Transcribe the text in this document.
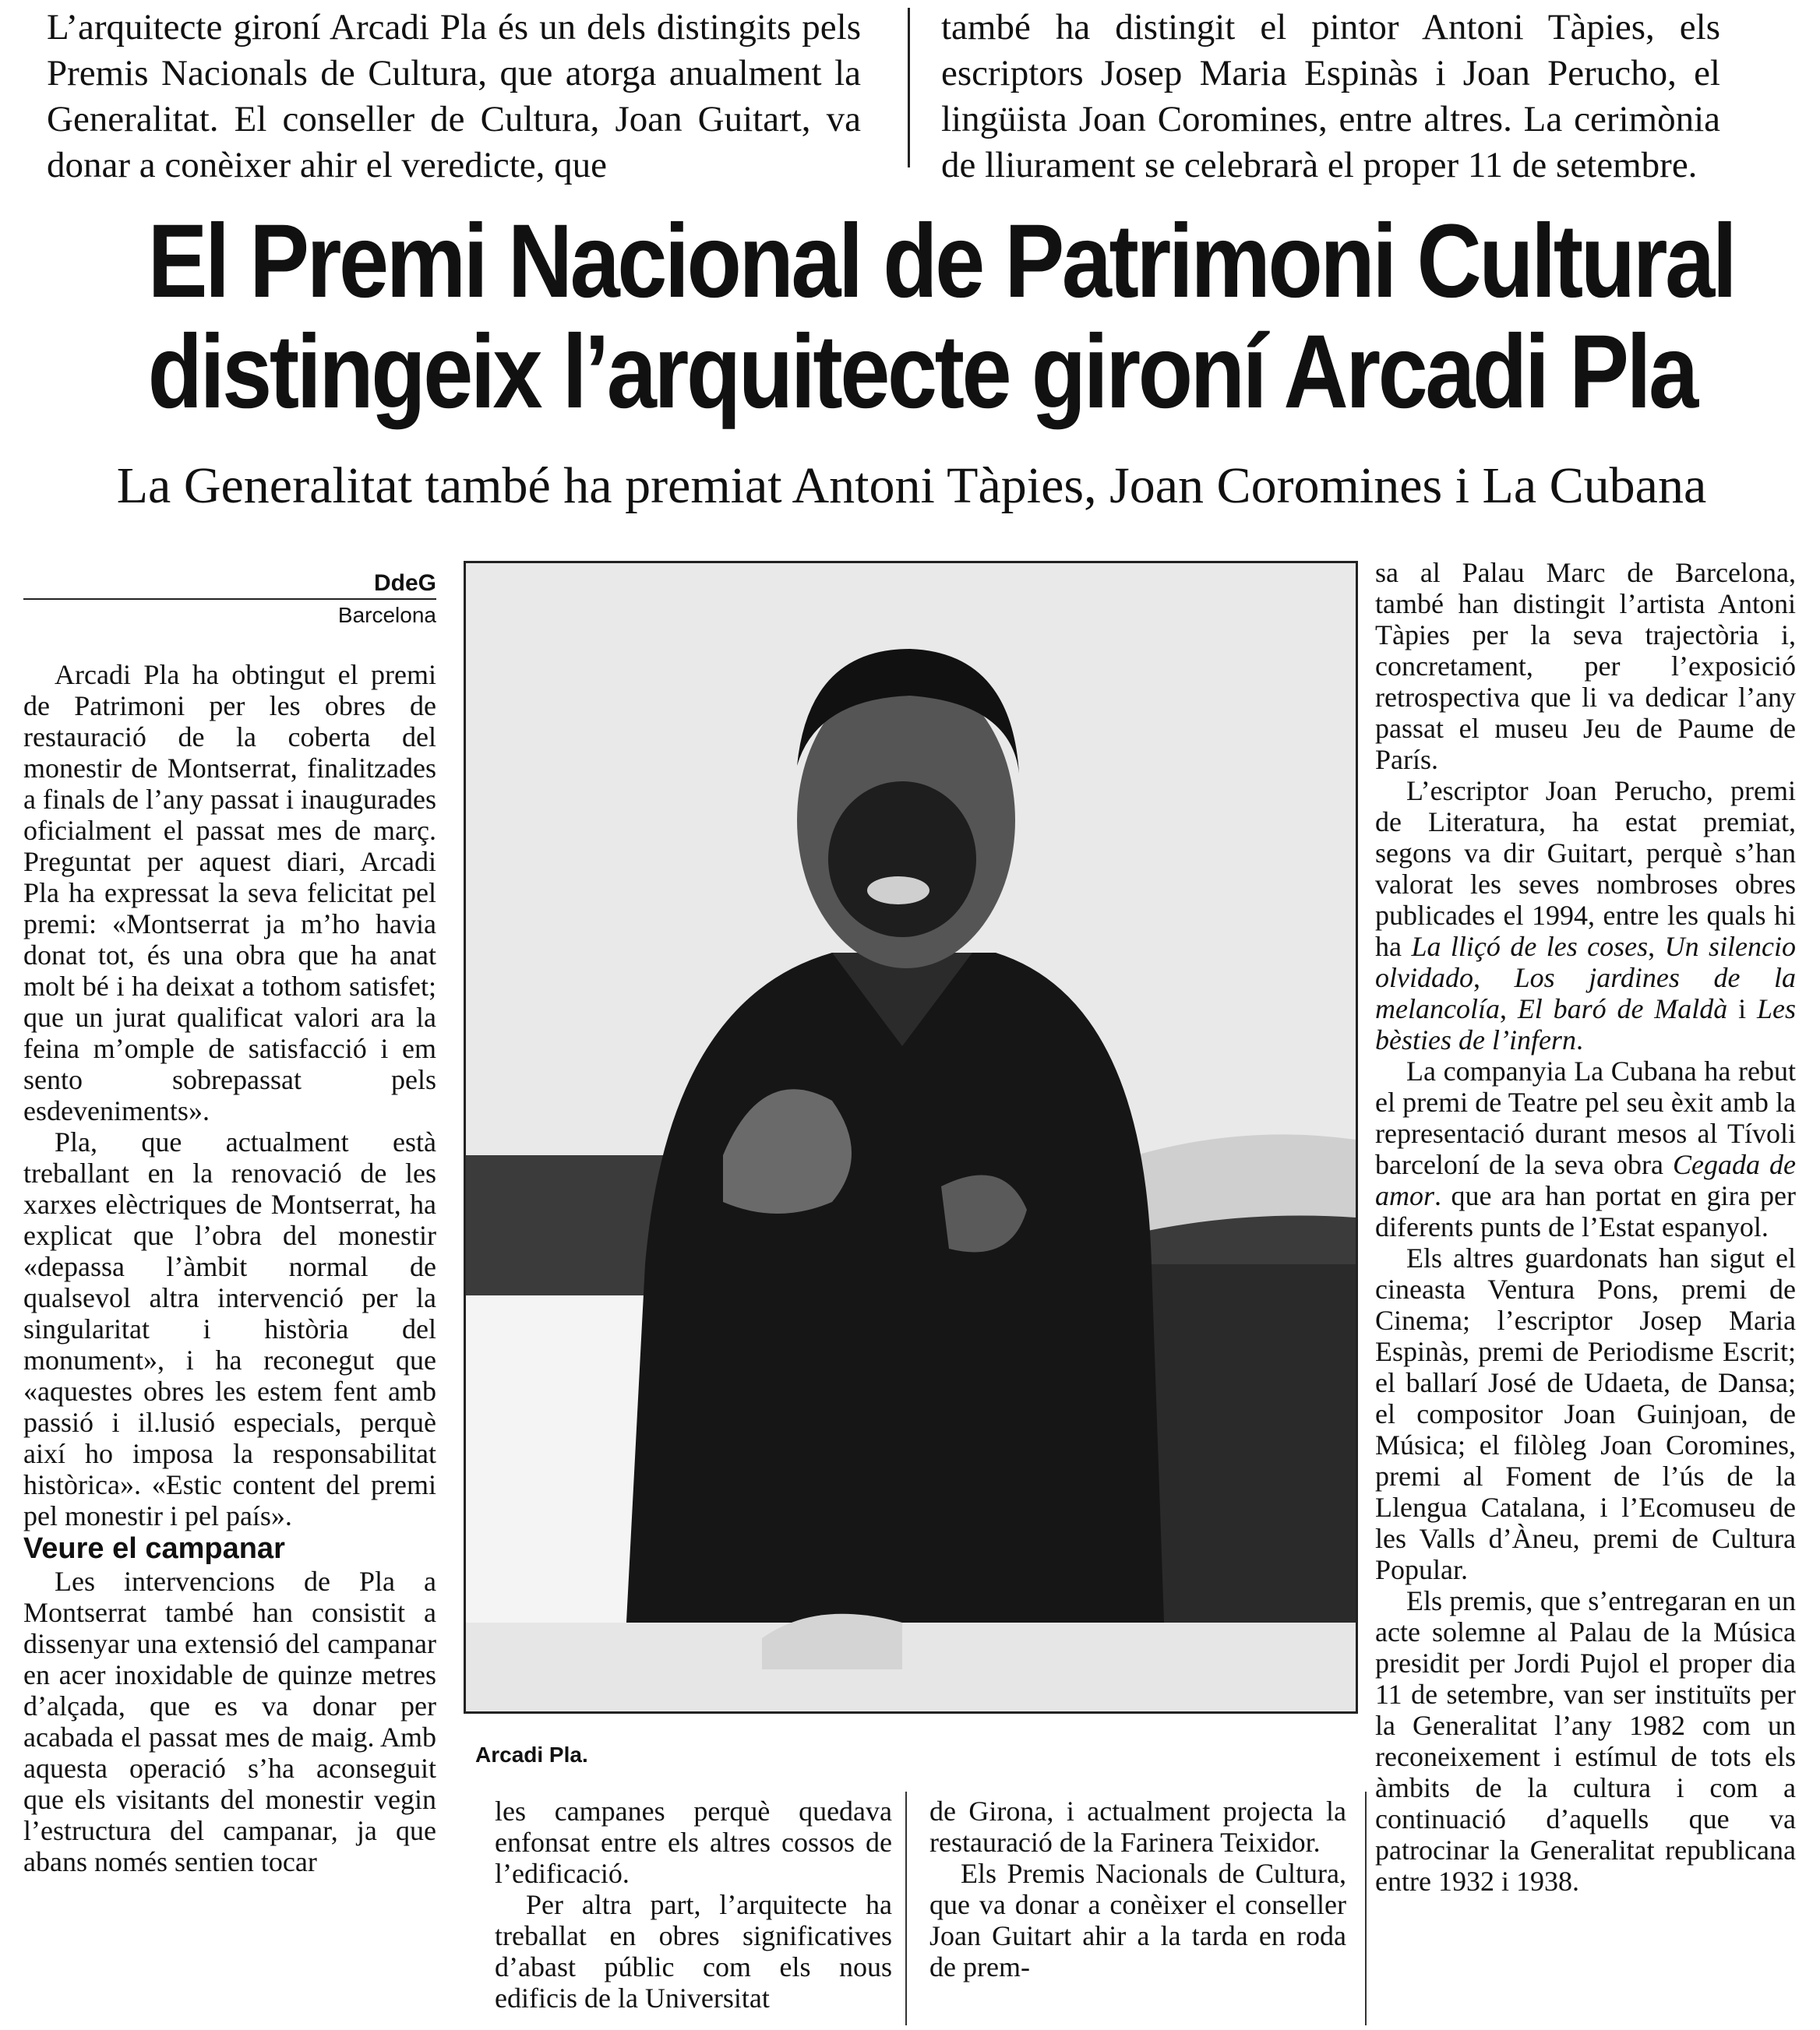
L’arquitecte gironí Arcadi Pla és un dels distingits pels Premis Nacionals de Cultura, que atorga anualment la Generalitat. El conseller de Cultura, Joan Guitart, va donar a conèixer ahir el veredicte, que

també ha distingit el pintor Antoni Tàpies, els escriptors Josep Maria Espinàs i Joan Perucho, el lingüista Joan Coromines, entre altres. La cerimònia de lliurament se celebrarà el proper 11 de setembre.

El Premi Nacional de Patrimoni Cultural
distingeix l’arquitecte gironí Arcadi Pla
La Generalitat també ha premiat Antoni Tàpies, Joan Coromines i La Cubana
DdeG
Barcelona

Arcadi Pla ha obtingut el premi de Patrimoni per les obres de restauració de la coberta del monestir de Montserrat, finalitzades a finals de l’any passat i inaugurades oficialment el passat mes de març. Preguntat per aquest diari, Arcadi Pla ha expressat la seva felicitat pel premi: «Montserrat ja m’ho havia donat tot, és una obra que ha anat molt bé i ha deixat a tothom satisfet; que un jurat qualificat valori ara la feina m’omple de satisfacció i em sento sobrepassat pels esdeveniments».

Pla, que actualment està treballant en la renovació de les xarxes elèctriques de Montserrat, ha explicat que l’obra del monestir «depassa l’àmbit normal de qualsevol altra intervenció per la singularitat i història del monument», i ha reconegut que «aquestes obres les estem fent amb passió i il.lusió especials, perquè així ho imposa la responsabilitat històrica». «Estic content del premi pel monestir i pel país».

Veure el campanar

Les intervencions de Pla a Montserrat també han consistit a dissenyar una extensió del campanar en acer inoxidable de quinze metres d’alçada, que es va donar per acabada el passat mes de maig. Amb aquesta operació s’ha aconseguit que els visitants del monestir vegin l’estructura del campanar, ja que abans només sentien tocar

Arcadi Pla.

les campanes perquè quedava enfonsat entre els altres cossos de l’edificació.

Per altra part, l’arquitecte ha treballat en obres significatives d’abast públic com els nous edificis de la Universitat

de Girona, i actualment projecta la restauració de la Farinera Teixidor.

Els Premis Nacionals de Cultura, que va donar a conèixer el conseller Joan Guitart ahir a la tarda en roda de prem-

sa al Palau Marc de Barcelona, també han distingit l’artista Antoni Tàpies per la seva trajectòria i, concretament, per l’exposició retrospectiva que li va dedicar l’any passat el museu Jeu de Paume de París.

L’escriptor Joan Perucho, premi de Literatura, ha estat premiat, segons va dir Guitart, perquè s’han valorat les seves nombroses obres publicades el 1994, entre les quals hi ha La lliçó de les coses, Un silencio olvidado, Los jardines de la melancolía, El baró de Maldà i Les bèsties de l’infern.

La companyia La Cubana ha rebut el premi de Teatre pel seu èxit amb la representació durant mesos al Tívoli barceloní de la seva obra Cegada de amor. que ara han portat en gira per diferents punts de l’Estat espanyol.

Els altres guardonats han sigut el cineasta Ventura Pons, premi de Cinema; l’escriptor Josep Maria Espinàs, premi de Periodisme Escrit; el ballarí José de Udaeta, de Dansa; el compositor Joan Guinjoan, de Música; el filòleg Joan Coromines, premi al Foment de l’ús de la Llengua Catalana, i l’Ecomuseu de les Valls d’Àneu, premi de Cultura Popular.

Els premis, que s’entregaran en un acte solemne al Palau de la Música presidit per Jordi Pujol el proper dia 11 de setembre, van ser instituïts per la Generalitat l’any 1982 com un reconeixement i estímul de tots els àmbits de la cultura i com a continuació d’aquells que va patrocinar la Generalitat republicana entre 1932 i 1938.
